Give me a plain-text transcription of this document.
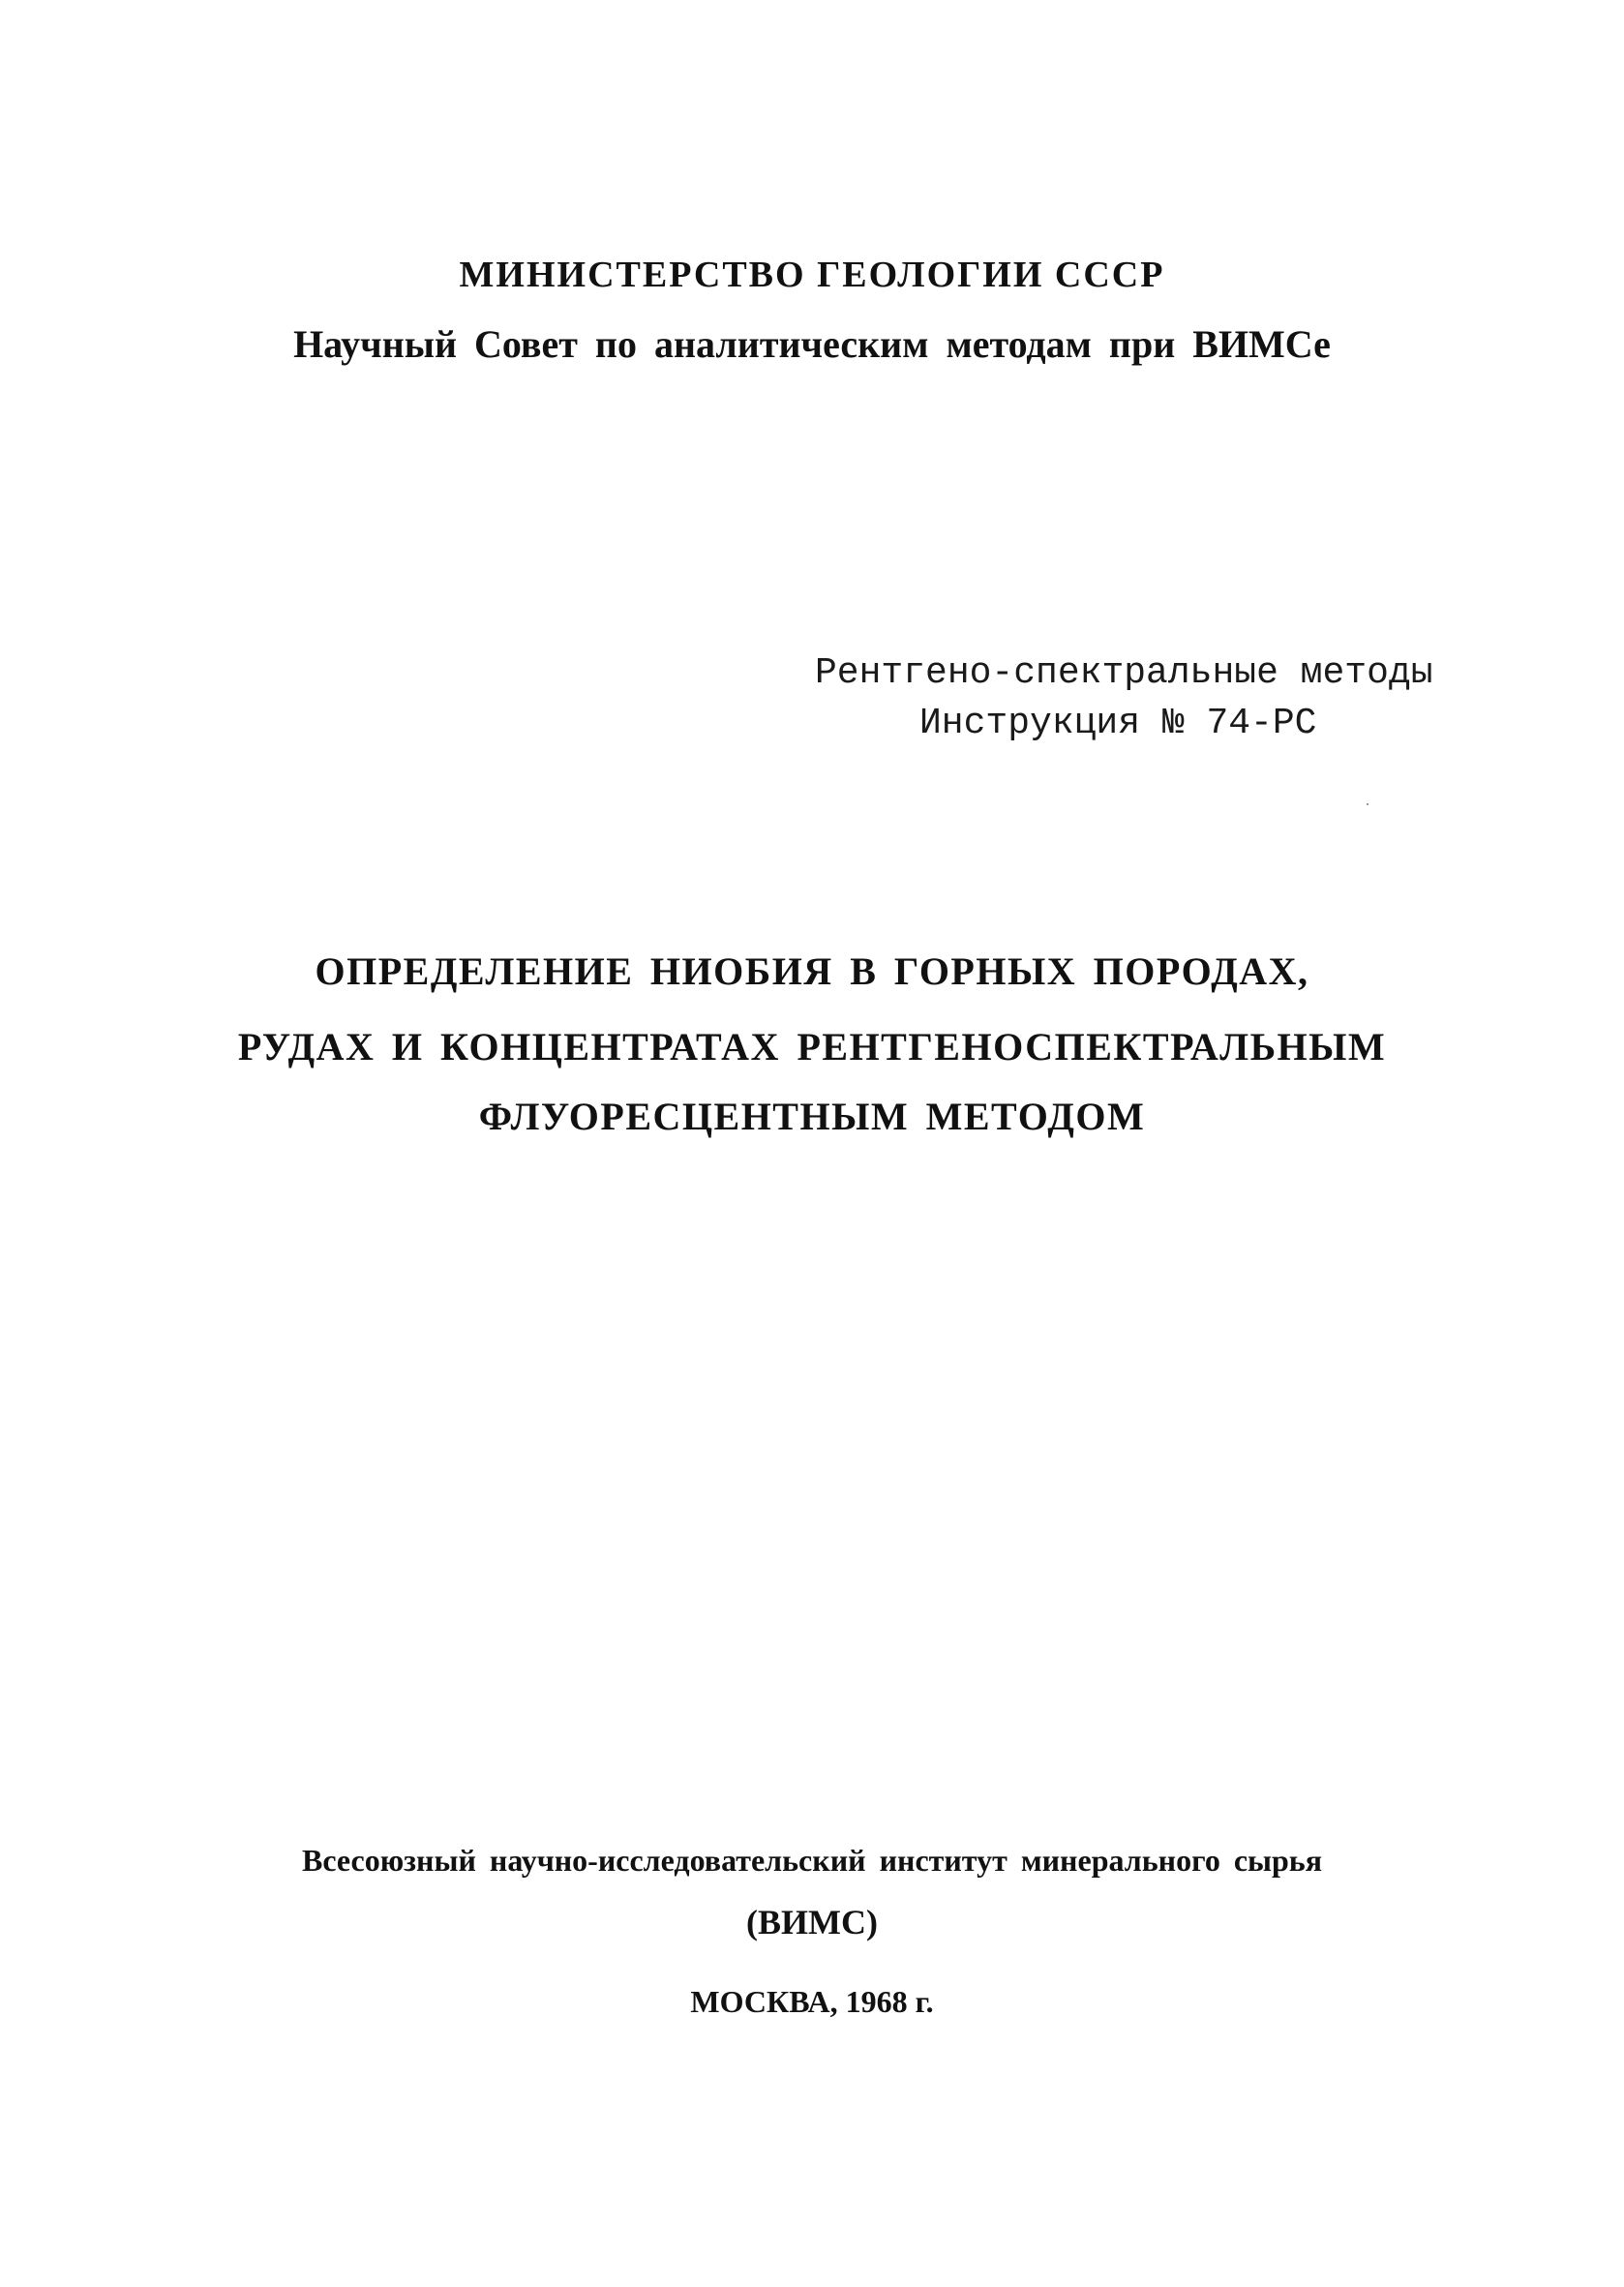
МИНИСТЕРСТВО ГЕОЛОГИИ СССР

Научный Совет по аналитическим методам при ВИМСе

Рентгено-спектральные методы
Инструкция № 74-РС

ОПРЕДЕЛЕНИЕ НИОБИЯ В ГОРНЫХ ПОРОДАХ,

РУДАХ И КОНЦЕНТРАТАХ РЕНТГЕНОСПЕКТРАЛЬНЫМ

ФЛУОРЕСЦЕНТНЫМ МЕТОДОМ

Всесоюзный научно-исследовательский институт минерального сырья

(ВИМС)

МОСКВА, 1968 г.
